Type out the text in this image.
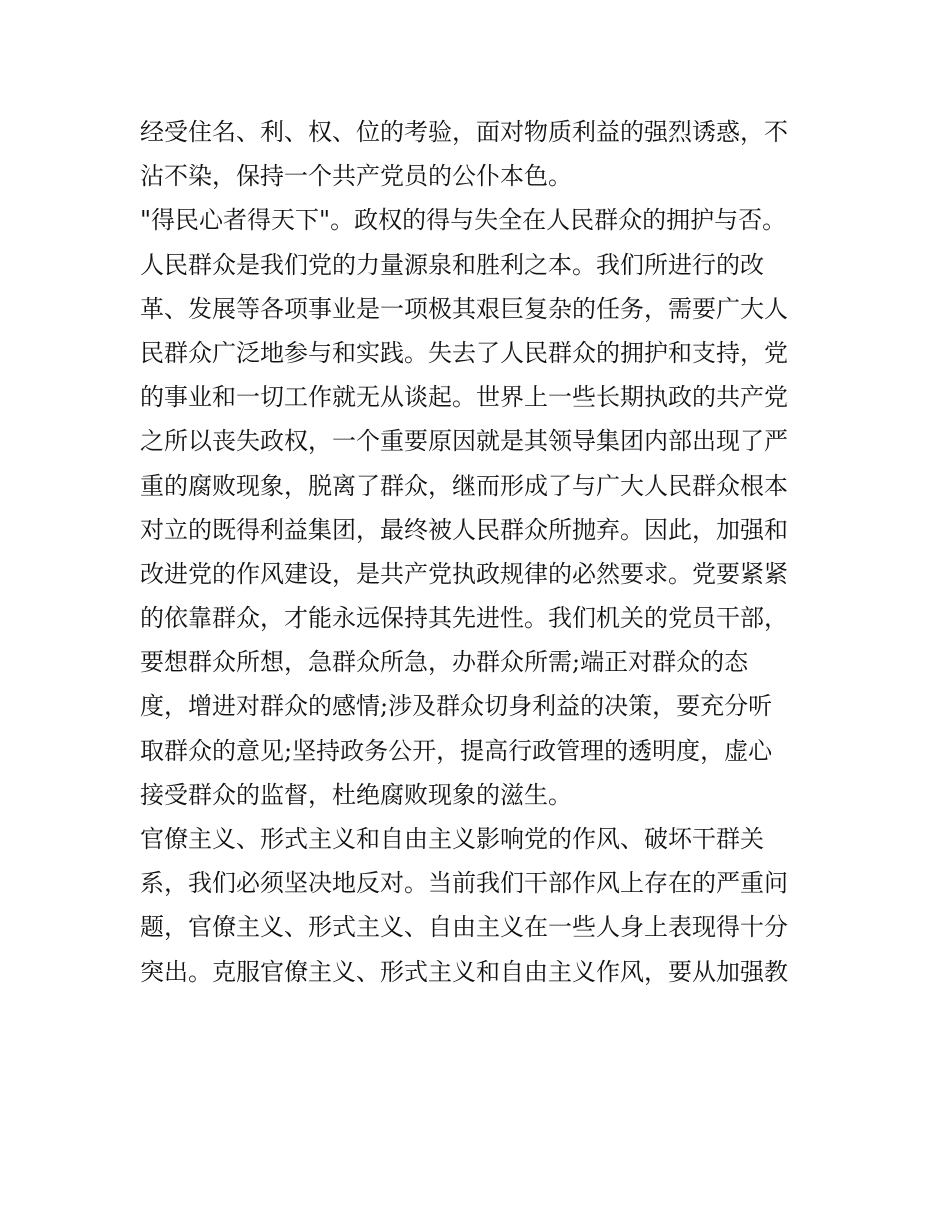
经受住名、利、权、位的考验，面对物质利益的强烈诱惑，不
沾不染，保持一个共产党员的公仆本色。
"得民心者得天下"。政权的得与失全在人民群众的拥护与否。
人民群众是我们党的力量源泉和胜利之本。我们所进行的改
革、发展等各项事业是一项极其艰巨复杂的任务，需要广大人
民群众广泛地参与和实践。失去了人民群众的拥护和支持，党
的事业和一切工作就无从谈起。世界上一些长期执政的共产党
之所以丧失政权，一个重要原因就是其领导集团内部出现了严
重的腐败现象，脱离了群众，继而形成了与广大人民群众根本
对立的既得利益集团，最终被人民群众所抛弃。因此，加强和
改进党的作风建设，是共产党执政规律的必然要求。党要紧紧
的依靠群众，才能永远保持其先进性。我们机关的党员干部，
要想群众所想，急群众所急，办群众所需;端正对群众的态
度，增进对群众的感情;涉及群众切身利益的决策，要充分听
取群众的意见;坚持政务公开，提高行政管理的透明度，虚心
接受群众的监督，杜绝腐败现象的滋生。
官僚主义、形式主义和自由主义影响党的作风、破坏干群关
系，我们必须坚决地反对。当前我们干部作风上存在的严重问
题，官僚主义、形式主义、自由主义在一些人身上表现得十分
突出。克服官僚主义、形式主义和自由主义作风，要从加强教
